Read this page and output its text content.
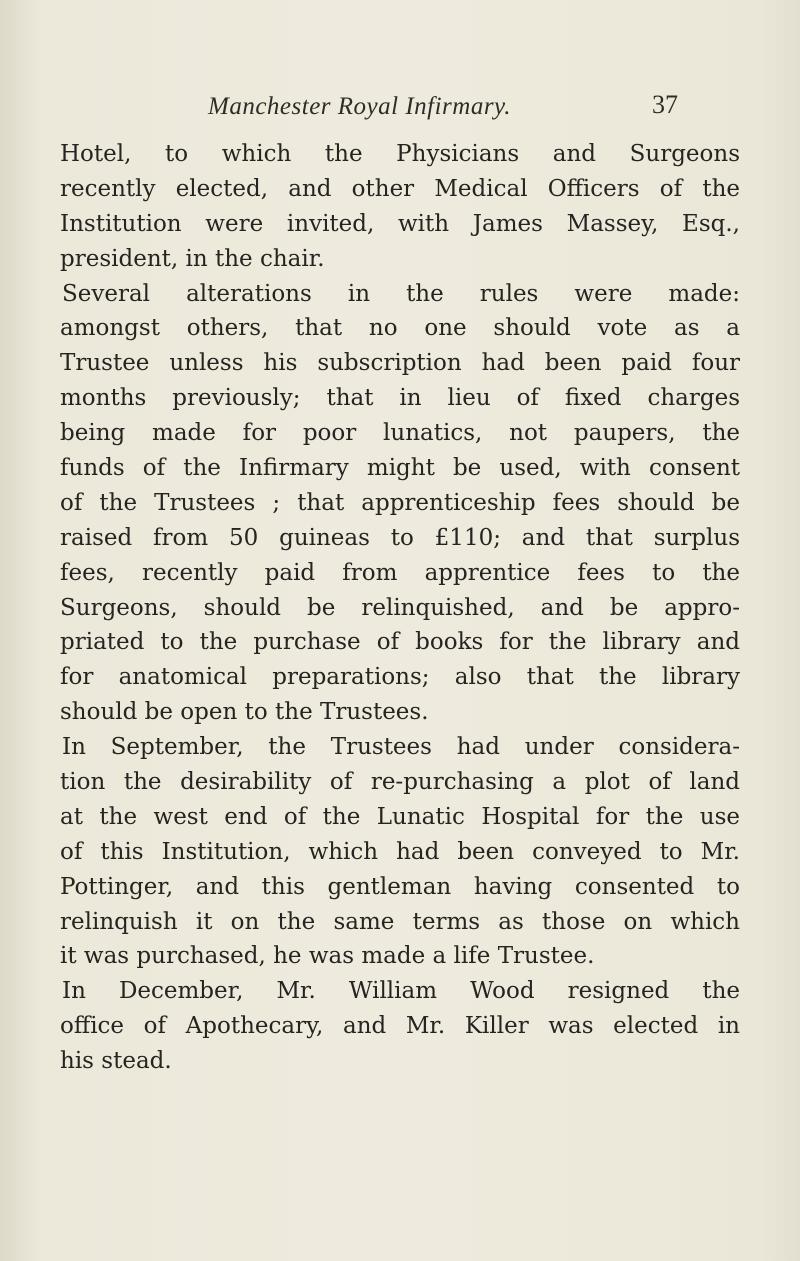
Manchester Royal Infirmary.	37
Hotel, to which the Physicians and Surgeons
recently elected, and other Medical Officers of the
Institution were invited, with James Massey, Esq.,
president, in the chair.
Several alterations in the rules were made:
amongst others, that no one should vote as a
Trustee unless his subscription had been paid four
months previously; that in lieu of fixed charges
being made for poor lunatics, not paupers, the
funds of the Infirmary might be used, with consent
of the Trustees ; that apprenticeship fees should be
raised from 50 guineas to £110; and that surplus
fees, recently paid from apprentice fees to the
Surgeons, should be relinquished, and be appro-
priated to the purchase of books for the library and
for anatomical preparations; also that the library
should be open to the Trustees.
In September, the Trustees had under considera-
tion the desirability of re-purchasing a plot of land
at the west end of the Lunatic Hospital for the use
of this Institution, which had been conveyed to Mr.
Pottinger, and this gentleman having consented to
relinquish it on the same terms as those on which
it was purchased, he was made a life Trustee.
In December, Mr. William Wood resigned the
office of Apothecary, and Mr. Killer was elected in
his stead.
